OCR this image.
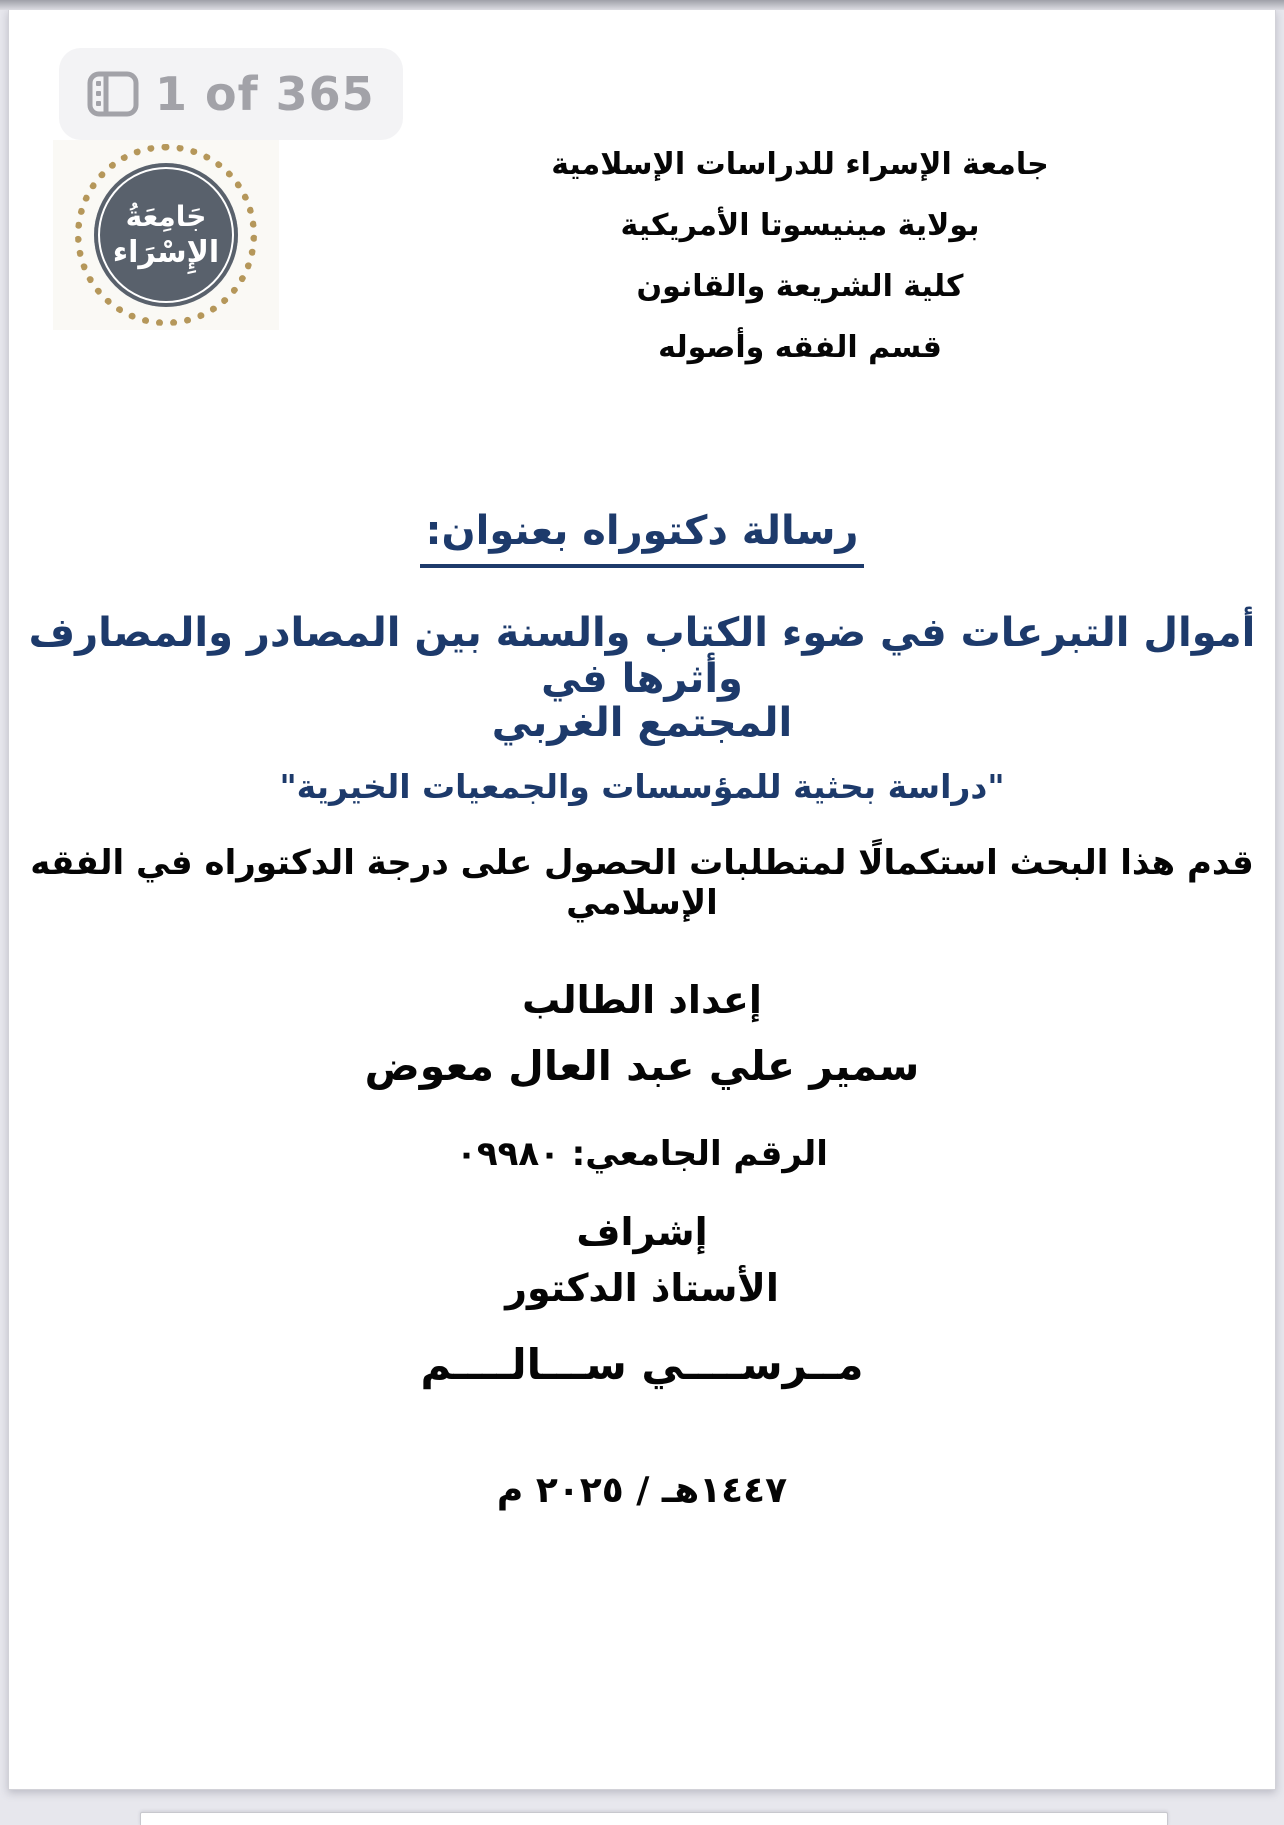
1 of 365
جَامِعَةُ
الإِسْرَاء
جامعة الإسراء للدراسات الإسلامية
بولاية مينيسوتا الأمريكية
كلية الشريعة والقانون
قسم الفقه وأصوله
رسالة دكتوراه بعنوان:
أموال التبرعات في ضوء الكتاب والسنة بين المصادر والمصارف وأثرها في
المجتمع الغربي
"دراسة بحثية للمؤسسات والجمعيات الخيرية"
قدم هذا البحث استكمالًا لمتطلبات الحصول على درجة الدكتوراه في الفقه الإسلامي
إعداد الطالب
سمير علي عبد العال معوض
الرقم الجامعي: ٠٩٩٨٠
إشراف
الأستاذ الدكتور
مــرســــي ســـالــــم
١٤٤٧هـ / ٢٠٢٥ م
